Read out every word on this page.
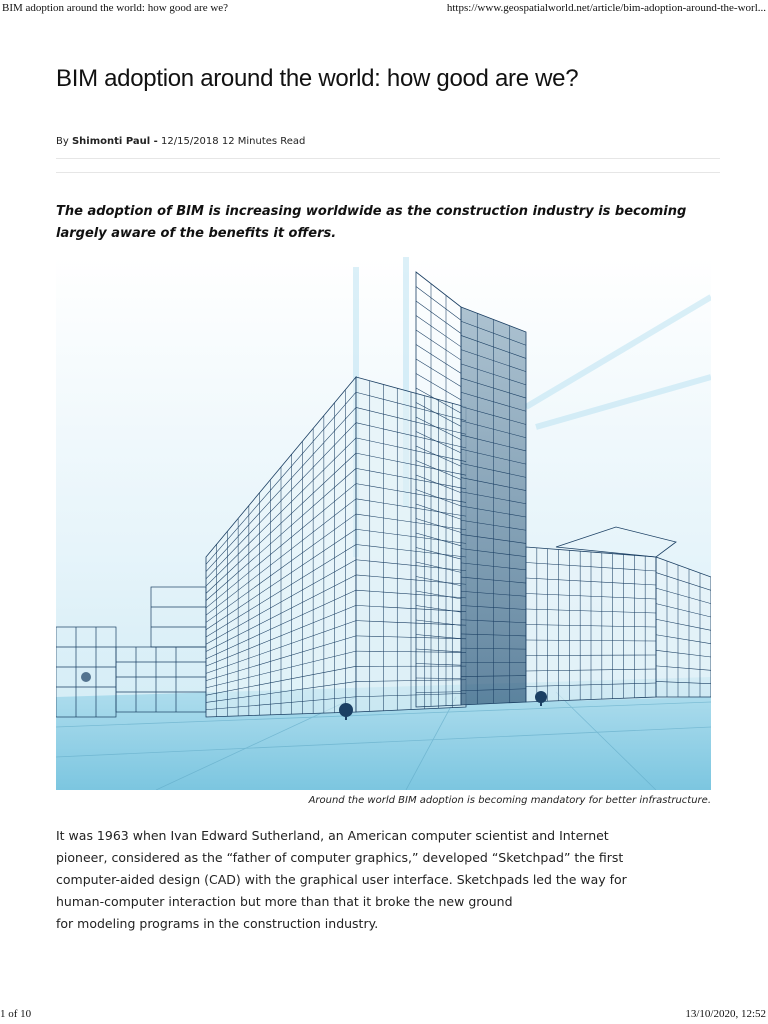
BIM adoption around the world: how good are we?	https://www.geospatialworld.net/article/bim-adoption-around-the-worl...
BIM adoption around the world: how good are we?
By Shimonti Paul - 12/15/2018 12 Minutes Read

The adoption of BIM is increasing worldwide as the construction industry is becoming largely aware of the benefits it offers.

Around the world BIM adoption is becoming mandatory for better infrastructure.
It was 1963 when Ivan Edward Sutherland, an American computer scientist and Internet
pioneer, considered as the “father of computer graphics,” developed “Sketchpad” the first
computer-aided design (CAD) with the graphical user interface. Sketchpads led the way for
human-computer interaction but more than that it broke the new ground
for modeling programs in the construction industry.
1 of 10	13/10/2020, 12:52
